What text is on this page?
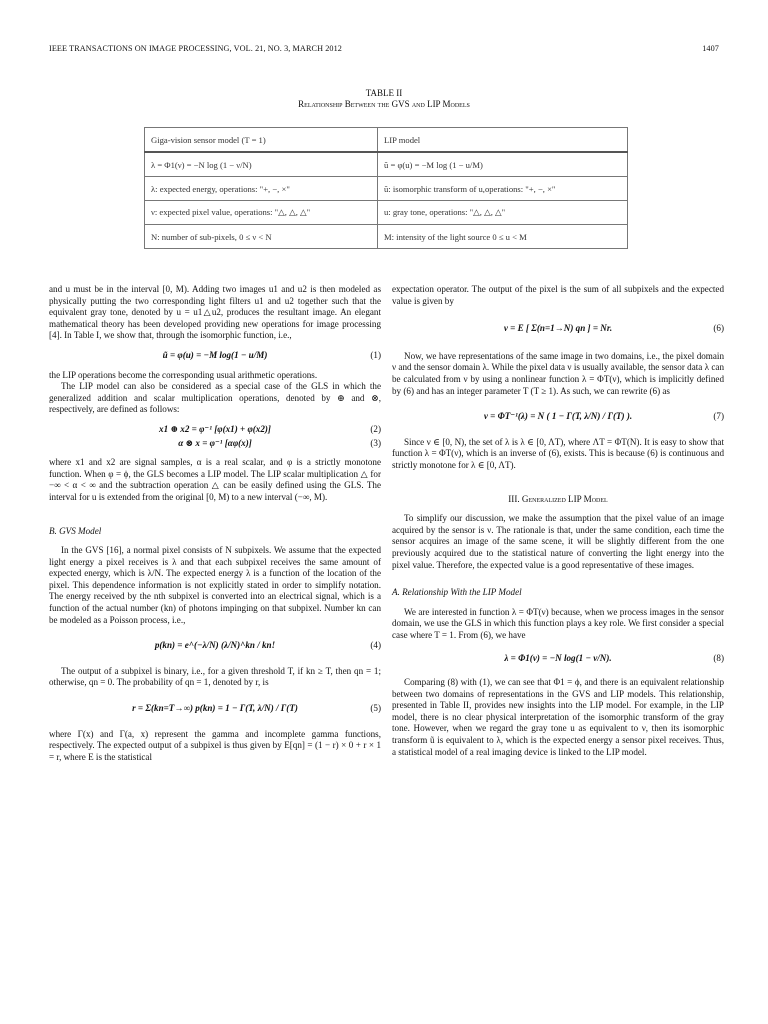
IEEE TRANSACTIONS ON IMAGE PROCESSING, VOL. 21, NO. 3, MARCH 2012	1407
TABLE II
Relationship Between the GVS and LIP Models
Giga-vision sensor model (T = 1)	LIP model
λ = Φ1(ν) = −N log (1 − ν/N)	ũ = φ(u) = −M log (1 − u/M)
λ: expected energy, operations: "+, −, ×"	ũ: isomorphic transform of u,operations: "+, −, ×"
ν: expected pixel value, operations: "△, △, △"	u: gray tone, operations: "△, △, △"
N: number of sub-pixels, 0 ≤ ν < N	M: intensity of the light source 0 ≤ u < M

and u must be in the interval [0, M). Adding two images u1 and u2 is then modeled as physically putting the two corresponding light filters u1 and u2 together such that the equivalent gray tone, denoted by u = u1△u2, produces the resultant image. An elegant mathematical theory has been developed providing new operations for image processing [4]. In Table I, we show that, through the isomorphic function, i.e.,

ũ = φ(u) = −M log(1 − u/M)	(1)

the LIP operations become the corresponding usual arithmetic operations.

The LIP model can also be considered as a special case of the GLS in which the generalized addition and scalar multiplication operations, denoted by ⊕ and ⊗, respectively, are defined as follows:

x1 ⊕ x2 = φ⁻¹ [φ(x1) + φ(x2)]	(2)
α ⊗ x = φ⁻¹ [αφ(x)]	(3)

where x1 and x2 are signal samples, α is a real scalar, and φ is a strictly monotone function. When φ = ϕ, the GLS becomes a LIP model. The LIP scalar multiplication △ for −∞ < α < ∞ and the subtraction operation △ can be easily defined using the GLS. The interval for u is extended from the original [0, M) to a new interval (−∞, M).

B. GVS Model

In the GVS [16], a normal pixel consists of N subpixels. We assume that the expected light energy a pixel receives is λ and that each subpixel receives the same amount of expected energy, which is λ/N. The expected energy λ is a function of the location of the pixel. This dependence information is not explicitly stated in order to simplify notation. The energy received by the nth subpixel is converted into an electrical signal, which is a function of the actual number (kn) of photons impinging on that subpixel. Number kn can be modeled as a Poisson process, i.e.,

p(kn) = e^(−λ/N) (λ/N)^kn / kn!	(4)

The output of a subpixel is binary, i.e., for a given threshold T, if kn ≥ T, then qn = 1; otherwise, qn = 0. The probability of qn = 1, denoted by r, is

r = Σ(kn=T→∞) p(kn) = 1 − Γ(T, λ/N) / Γ(T)	(5)

where Γ(x) and Γ(a, x) represent the gamma and incomplete gamma functions, respectively. The expected output of a subpixel is thus given by E[qn] = (1 − r) × 0 + r × 1 = r, where E is the statistical

expectation operator. The output of the pixel is the sum of all subpixels and the expected value is given by

ν = E [ Σ(n=1→N) qn ] = Nr.	(6)

Now, we have representations of the same image in two domains, i.e., the pixel domain ν and the sensor domain λ. While the pixel data ν is usually available, the sensor data λ can be calculated from ν by using a nonlinear function λ = ΦT(ν), which is implicitly defined by (6) and has an integer parameter T (T ≥ 1). As such, we can rewrite (6) as

ν = ΦT⁻¹(λ) = N ( 1 − Γ(T, λ/N) / Γ(T) ).	(7)

Since ν ∈ [0, N), the set of λ is λ ∈ [0, ΛT), where ΛT = ΦT(N). It is easy to show that function λ = ΦT(ν), which is an inverse of (6), exists. This is because (6) is continuous and strictly monotone for λ ∈ [0, ΛT).

III. Generalized LIP Model

To simplify our discussion, we make the assumption that the pixel value of an image acquired by the sensor is ν. The rationale is that, under the same condition, each time the sensor acquires an image of the same scene, it will be slightly different from the one previously acquired due to the statistical nature of converting the light energy into the pixel value. Therefore, the expected value is a good representative of these images.

A. Relationship With the LIP Model

We are interested in function λ = ΦT(ν) because, when we process images in the sensor domain, we use the GLS in which this function plays a key role. We first consider a special case where T = 1. From (6), we have

λ = Φ1(ν) = −N log(1 − ν/N).	(8)

Comparing (8) with (1), we can see that Φ1 = ϕ, and there is an equivalent relationship between two domains of representations in the GVS and LIP models. This relationship, presented in Table II, provides new insights into the LIP model. For example, in the LIP model, there is no clear physical interpretation of the isomorphic transform of the gray tone. However, when we regard the gray tone u as equivalent to ν, then its isomorphic transform ũ is equivalent to λ, which is the expected energy a sensor pixel receives. Thus, a statistical model of a real imaging device is linked to the LIP model.
